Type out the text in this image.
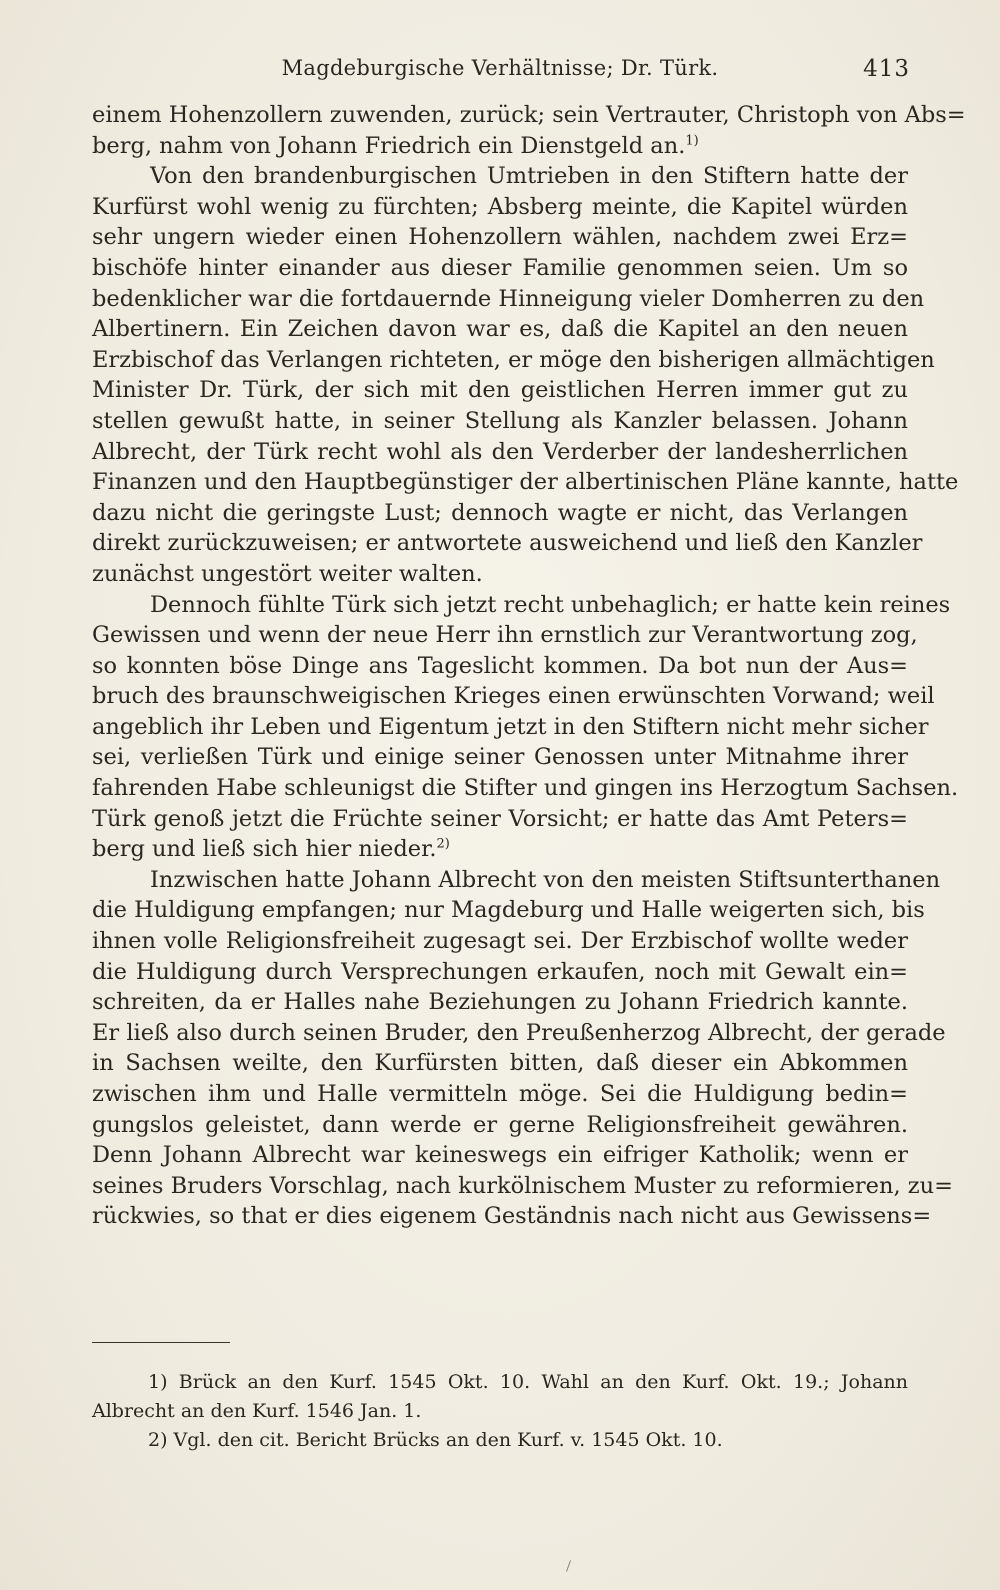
Magdeburgische Verhältnisse; Dr. Türk.	413
einem Hohenzollern zuwenden, zurück; sein Vertrauter, Christoph von Abs=
berg, nahm von Johann Friedrich ein Dienstgeld an.$^{1)}$
Von den brandenburgischen Umtrieben in den Stiftern hatte der
Kurfürst wohl wenig zu fürchten; Absberg meinte, die Kapitel würden
sehr ungern wieder einen Hohenzollern wählen, nachdem zwei Erz=
bischöfe hinter einander aus dieser Familie genommen seien. Um so
bedenklicher war die fortdauernde Hinneigung vieler Domherren zu den
Albertinern. Ein Zeichen davon war es, daß die Kapitel an den neuen
Erzbischof das Verlangen richteten, er möge den bisherigen allmächtigen
Minister Dr. Türk, der sich mit den geistlichen Herren immer gut zu
stellen gewußt hatte, in seiner Stellung als Kanzler belassen. Johann
Albrecht, der Türk recht wohl als den Verderber der landesherrlichen
Finanzen und den Hauptbegünstiger der albertinischen Pläne kannte, hatte
dazu nicht die geringste Lust; dennoch wagte er nicht, das Verlangen
direkt zurückzuweisen; er antwortete ausweichend und ließ den Kanzler
zunächst ungestört weiter walten.
Dennoch fühlte Türk sich jetzt recht unbehaglich; er hatte kein reines
Gewissen und wenn der neue Herr ihn ernstlich zur Verantwortung zog,
so konnten böse Dinge ans Tageslicht kommen. Da bot nun der Aus=
bruch des braunschweigischen Krieges einen erwünschten Vorwand; weil
angeblich ihr Leben und Eigentum jetzt in den Stiftern nicht mehr sicher
sei, verließen Türk und einige seiner Genossen unter Mitnahme ihrer
fahrenden Habe schleunigst die Stifter und gingen ins Herzogtum Sachsen.
Türk genoß jetzt die Früchte seiner Vorsicht; er hatte das Amt Peters=
berg und ließ sich hier nieder.$^{2)}$
Inzwischen hatte Johann Albrecht von den meisten Stiftsunterthanen
die Huldigung empfangen; nur Magdeburg und Halle weigerten sich, bis
ihnen volle Religionsfreiheit zugesagt sei. Der Erzbischof wollte weder
die Huldigung durch Versprechungen erkaufen, noch mit Gewalt ein=
schreiten, da er Halles nahe Beziehungen zu Johann Friedrich kannte.
Er ließ also durch seinen Bruder, den Preußenherzog Albrecht, der gerade
in Sachsen weilte, den Kurfürsten bitten, daß dieser ein Abkommen
zwischen ihm und Halle vermitteln möge. Sei die Huldigung bedin=
gungslos geleistet, dann werde er gerne Religionsfreiheit gewähren.
Denn Johann Albrecht war keineswegs ein eifriger Katholik; wenn er
seines Bruders Vorschlag, nach kurkölnischem Muster zu reformieren, zu=
rückwies, so that er dies eigenem Geständnis nach nicht aus Gewissens=
1) Brück an den Kurf. 1545 Okt. 10. Wahl an den Kurf. Okt. 19.; Johann
Albrecht an den Kurf. 1546 Jan. 1.
2) Vgl. den cit. Bericht Brücks an den Kurf. v. 1545 Okt. 10.
